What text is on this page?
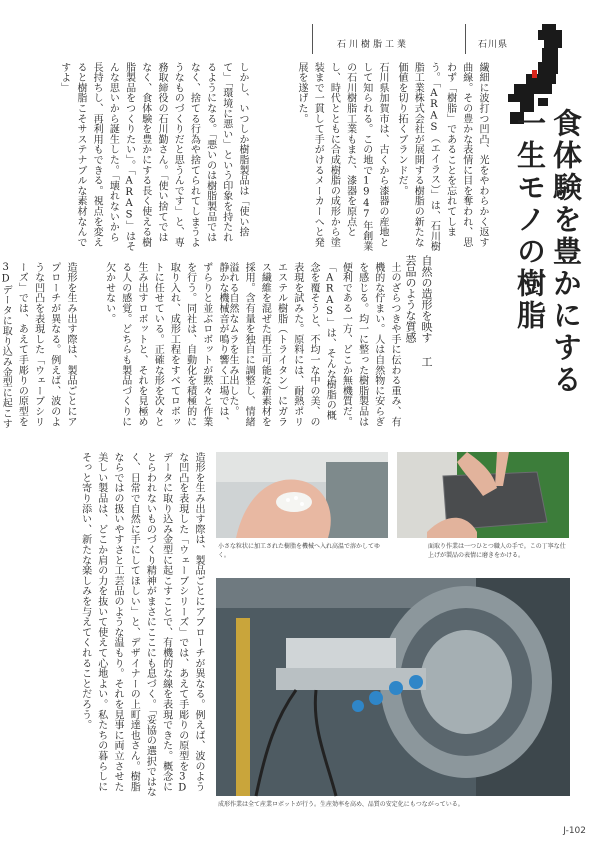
石川樹脂工業	石川県
食体験を豊かにする
一生モノの樹脂
自然の造形を映す 工芸品のような質感
繊細に波打つ凹凸、光をやわらかく返す曲線。その豊かな表情に目を奪われ、思わず「樹脂」であることを忘れてしまう。「ARAS（エイラス）」は、石川樹脂工業株式会社が展開する樹脂の新たな価値を切り拓くブランドだ。
石川県加賀市は、古くから漆器の産地として知られる。この地で1947年創業の石川樹脂工業もまた、漆器を原点とし、時代とともに合成樹脂の成形から塗装まで一貫して手がけるメーカーへと発展を遂げた。
しかし、いつしか樹脂製品は「使い捨て」「環境に悪い」という印象を持たれるようになる。「悪いのは樹脂製品ではなく、捨てる行為や捨てられてしまうようなものづくりだと思うんです」と、専務取締役の石川勤さん。「使い捨てではなく、食体験を豊かにする長く使える樹脂製品をつくりたい」。「ARAS」はそんな思いから誕生した。「壊れないから長持ちし、再利用もできる。視点を変えると樹脂こそサステナブルな素材なんですよ」
土のざらつきや手に伝わる重み、有機的な佇まい。人は自然物に安らぎを感じる。均一に整った樹脂製品は便利である一方、どこか無機質だ。「ARAS」は、そんな樹脂の概念を覆そうと、不均一な中の美、の表現を試みた。原料には、耐熱ポリエステル樹脂（トライタン）にガラス繊維を混ぜた再生可能な新素材を採用。含有量を独自に調整し、情緒溢れる自然なムラを生み出した。
静かな機械音が鳴り響く工場では、ずらりと並ぶロボットが黙々と作業を行う。同社は、自動化を積極的に取り入れ、成形工程をすべてロボットに任せている。正確な形を次々と生み出すロボットと、それを見極める人の感覚。どちらも製品づくりに欠かせない。
造形を生み出す際は、製品ごとにアプローチが異なる。例えば、波のような凹凸を表現した「ウェーブシリーズ」では、あえて手彫りの原型を3Dデータに取り込み金型に起こす
小さな粒状に加工された樹脂を機械へ入れ高温で溶かしてゆく。
面取り作業は一つひとつ職人の手で。この丁寧な仕上げが製品の表情に磨きをかける。
成形作業は全て産業ロボットが行う。生産効率を高め、品質の安定化にもつながっている。
造形を生み出す際は、製品ごとにアプローチが異なる。例えば、波のような凹凸を表現した「ウェーブシリーズ」では、あえて手彫りの原型を3Dデータに取り込み金型に起こすことで、有機的な線を表現できた。概念にとらわれないものづくり精神がまさにここにも息づく。「妥協の選択ではなく、日常で自然に手にしてほしい」と、デザイナーの上町達也さん。樹脂ならではの扱いやすさと工芸品のような温もり。それを見事に両立させた美しい製品は、どこか肩の力を抜いて使えて心地よい。私たちの暮らしにそっと寄り添い、新たな楽しみを与えてくれることだろう。
J-102
